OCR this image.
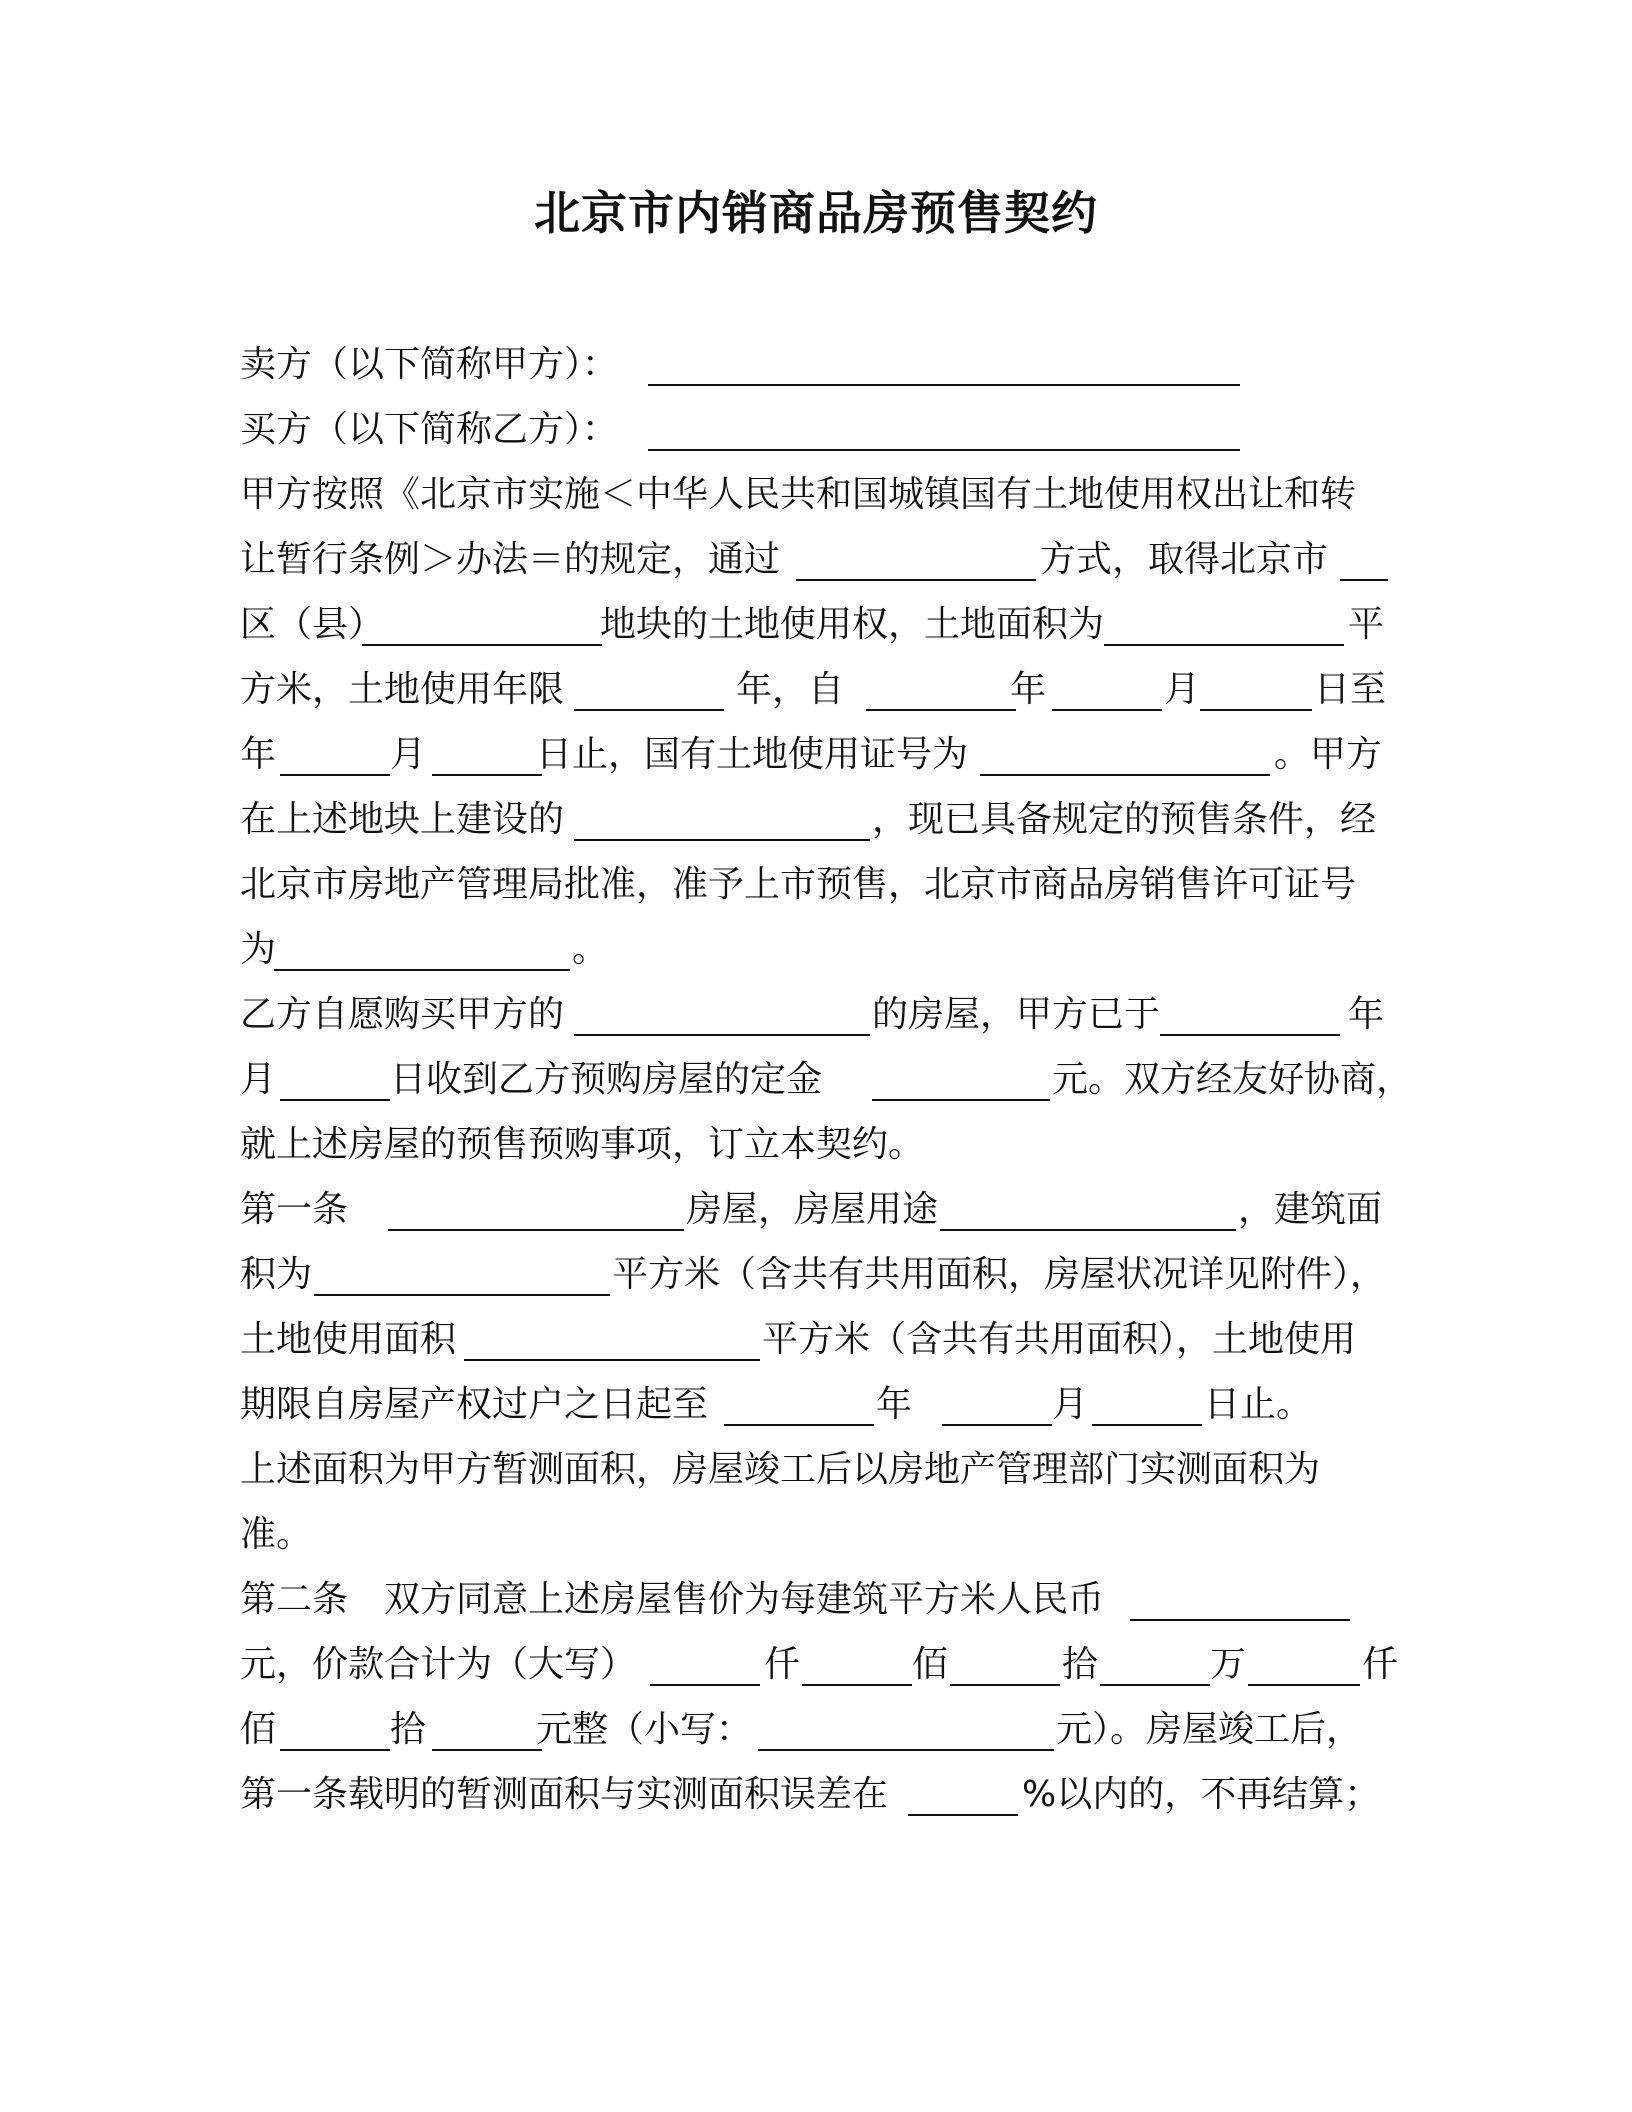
北京市内销商品房预售契约
卖方（以下简称甲方）：
买方（以下简称乙方）：
甲方按照《北京市实施＜中华人民共和国城镇国有土地使用权出让和转
让暂行条例＞办法＝的规定，通过	方式，取得北京市
区（县）	地块的土地使用权，土地面积为	平
方米，土地使用年限	年，自	年	月	日至
年	月	日止，国有土地使用证号为	。甲方
在上述地块上建设的	，现已具备规定的预售条件，经
北京市房地产管理局批准，准予上市预售，北京市商品房销售许可证号
为	。
乙方自愿购买甲方的	的房屋，甲方已于	年
月	日收到乙方预购房屋的定金	元。双方经友好协商，
就上述房屋的预售预购事项，订立本契约。
第一条	房屋，房屋用途	，建筑面
积为	平方米（含共有共用面积，房屋状况详见附件），
土地使用面积	平方米（含共有共用面积），土地使用
期限自房屋产权过户之日起至	年	月	日止。
上述面积为甲方暂测面积，房屋竣工后以房地产管理部门实测面积为
准。
第二条　双方同意上述房屋售价为每建筑平方米人民币
元，价款合计为（大写）	仟	佰	拾	万	仟
佰	拾	元整（小写：	元）。房屋竣工后，
第一条载明的暂测面积与实测面积误差在	%以内的，不再结算；
